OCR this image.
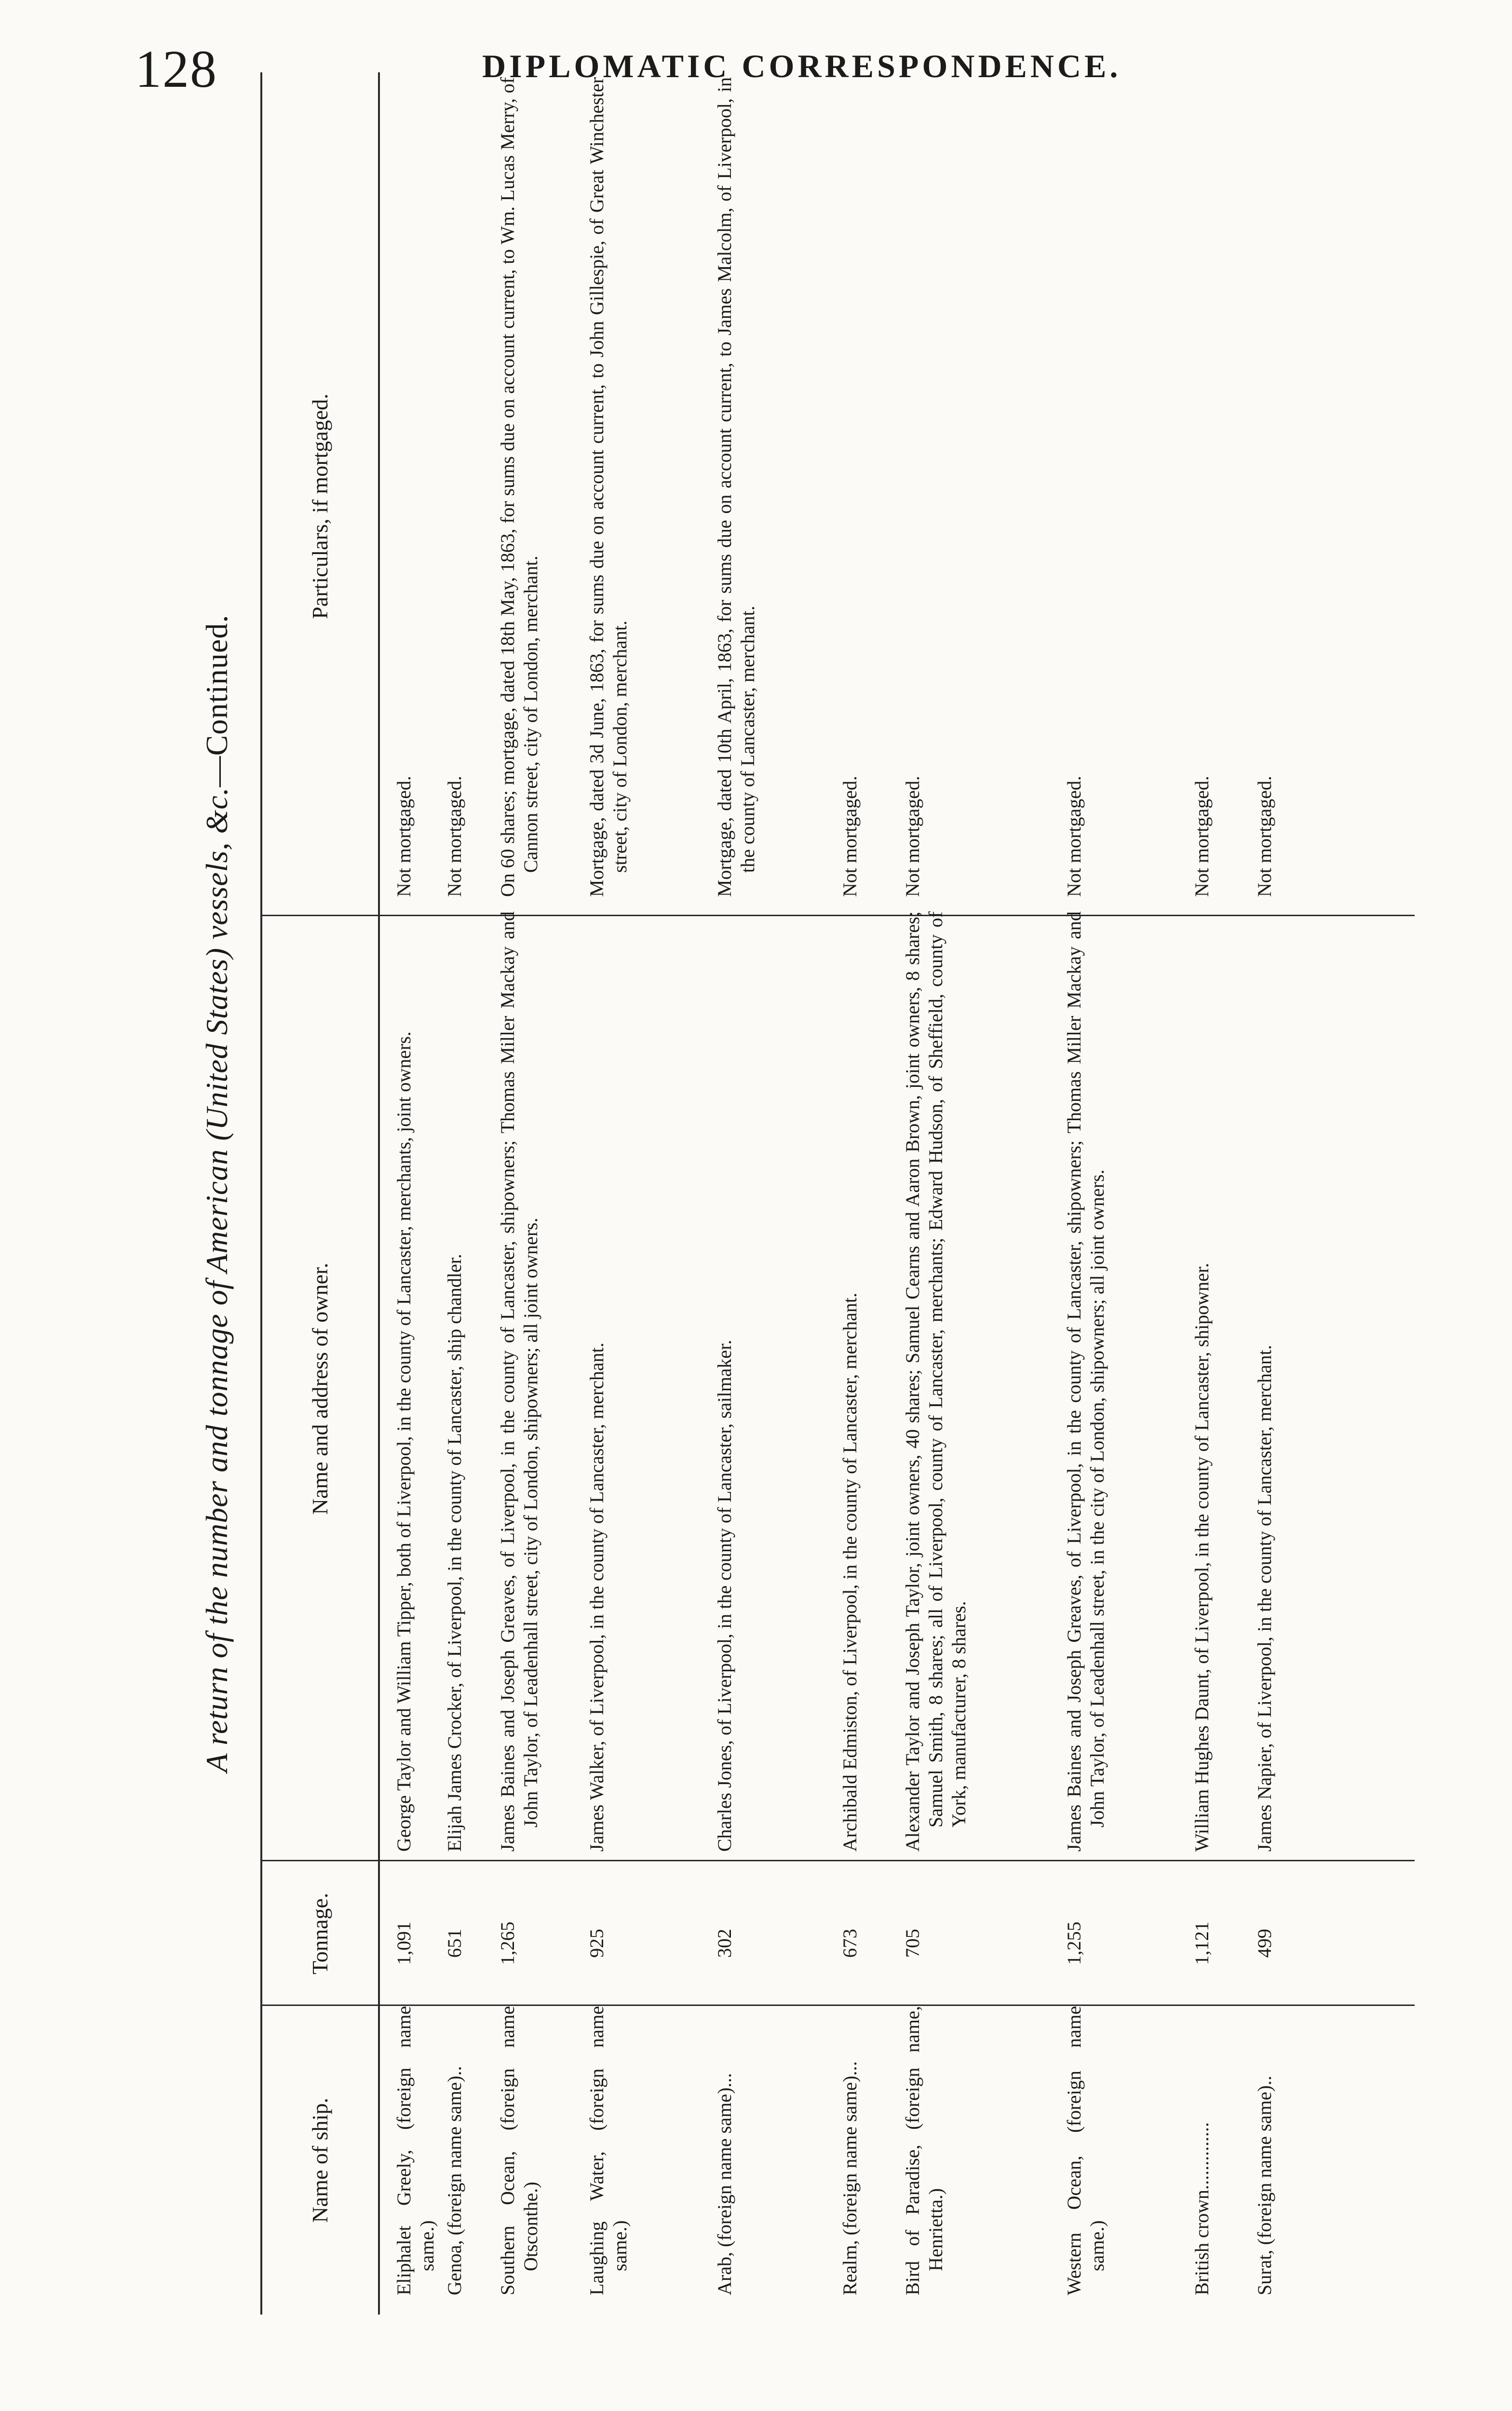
128	DIPLOMATIC CORRESPONDENCE.
A return of the number and tonnage of American (United States) vessels, &c.—Continued.
Name of ship.
Tonnage.
Name and address of owner.
Particulars, if mortgaged.
Eliphalet Greely, (foreign name same.)
1,091
George Taylor and William Tipper, both of Liverpool, in the county of Lancaster, merchants, joint owners.
Not mortgaged.
Genoa, (foreign name same)..
651
Elijah James Crocker, of Liverpool, in the county of Lancaster, ship chandler.
Not mortgaged.
Southern Ocean, (foreign name Otsconthe.)
1,265
James Baines and Joseph Greaves, of Liverpool, in the county of Lancaster, shipowners; Thomas Miller Mackay and John Taylor, of Leadenhall street, city of London, shipowners; all joint owners.
On 60 shares; mortgage, dated 18th May, 1863, for sums due on account current, to Wm. Lucas Merry, of Cannon street, city of London, merchant.
Laughing Water, (foreign name same.)
925
James Walker, of Liverpool, in the county of Lancaster, merchant.
Mortgage, dated 3d June, 1863, for sums due on account current, to John Gillespie, of Great Winchester street, city of London, merchant.
Arab, (foreign name same)...
302
Charles Jones, of Liverpool, in the county of Lancaster, sailmaker.
Mortgage, dated 10th April, 1863, for sums due on account current, to James Malcolm, of Liverpool, in the county of Lancaster, merchant.
Realm, (foreign name same)...
673
Archibald Edmiston, of Liverpool, in the county of Lancaster, merchant.
Not mortgaged.
Bird of Paradise, (foreign name, Henrietta.)
705
Alexander Taylor and Joseph Taylor, joint owners, 40 shares; Samuel Cearns and Aaron Brown, joint owners, 8 shares; Samuel Smith, 8 shares; all of Liverpool, county of Lancaster, merchants; Edward Hudson, of Sheffield, county of York, manufacturer, 8 shares.
Not mortgaged.
Western Ocean, (foreign name same.)
1,255
James Baines and Joseph Greaves, of Liverpool, in the county of Lancaster, shipowners; Thomas Miller Mackay and John Taylor, of Leadenhall street, in the city of London, shipowners; all joint owners.
Not mortgaged.
British crown..............
1,121
William Hughes Daunt, of Liverpool, in the county of Lancaster, shipowner.
Not mortgaged.
Surat, (foreign name same)..
499
James Napier, of Liverpool, in the county of Lancaster, merchant.
Not mortgaged.
